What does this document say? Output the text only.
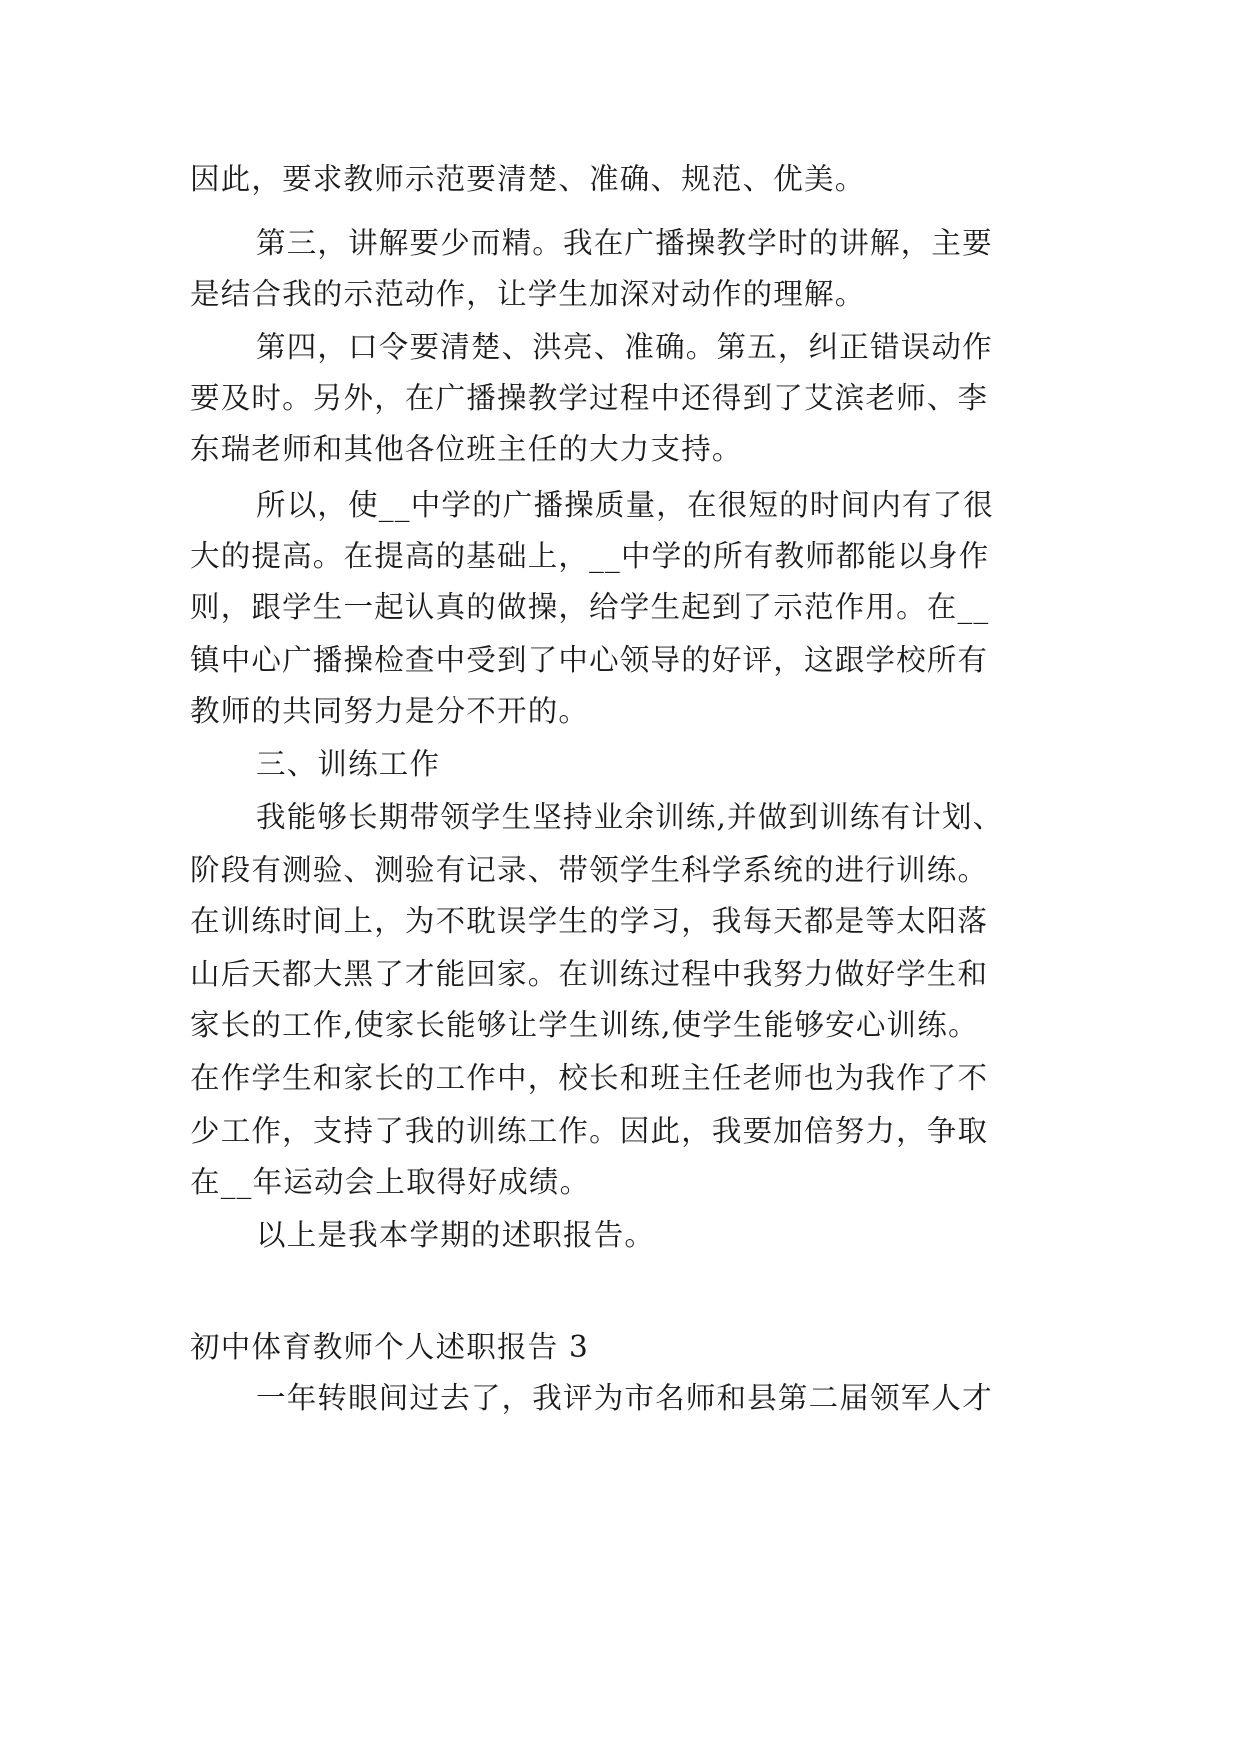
因此，要求教师示范要清楚、准确、规范、优美。
第三，讲解要少而精。我在广播操教学时的讲解，主要
是结合我的示范动作，让学生加深对动作的理解。
第四，口令要清楚、洪亮、准确。第五，纠正错误动作
要及时。另外，在广播操教学过程中还得到了艾滨老师、李
东瑞老师和其他各位班主任的大力支持。
所以，使__中学的广播操质量，在很短的时间内有了很
大的提高。在提高的基础上，__中学的所有教师都能以身作
则，跟学生一起认真的做操，给学生起到了示范作用。在__
镇中心广播操检查中受到了中心领导的好评，这跟学校所有
教师的共同努力是分不开的。
三、训练工作
我能够长期带领学生坚持业余训练,并做到训练有计划、
阶段有测验、测验有记录、带领学生科学系统的进行训练。
在训练时间上，为不耽误学生的学习，我每天都是等太阳落
山后天都大黑了才能回家。在训练过程中我努力做好学生和
家长的工作,使家长能够让学生训练,使学生能够安心训练。
在作学生和家长的工作中，校长和班主任老师也为我作了不
少工作，支持了我的训练工作。因此，我要加倍努力，争取
在__年运动会上取得好成绩。
以上是我本学期的述职报告。
初中体育教师个人述职报告 3
一年转眼间过去了，我评为市名师和县第二届领军人才
